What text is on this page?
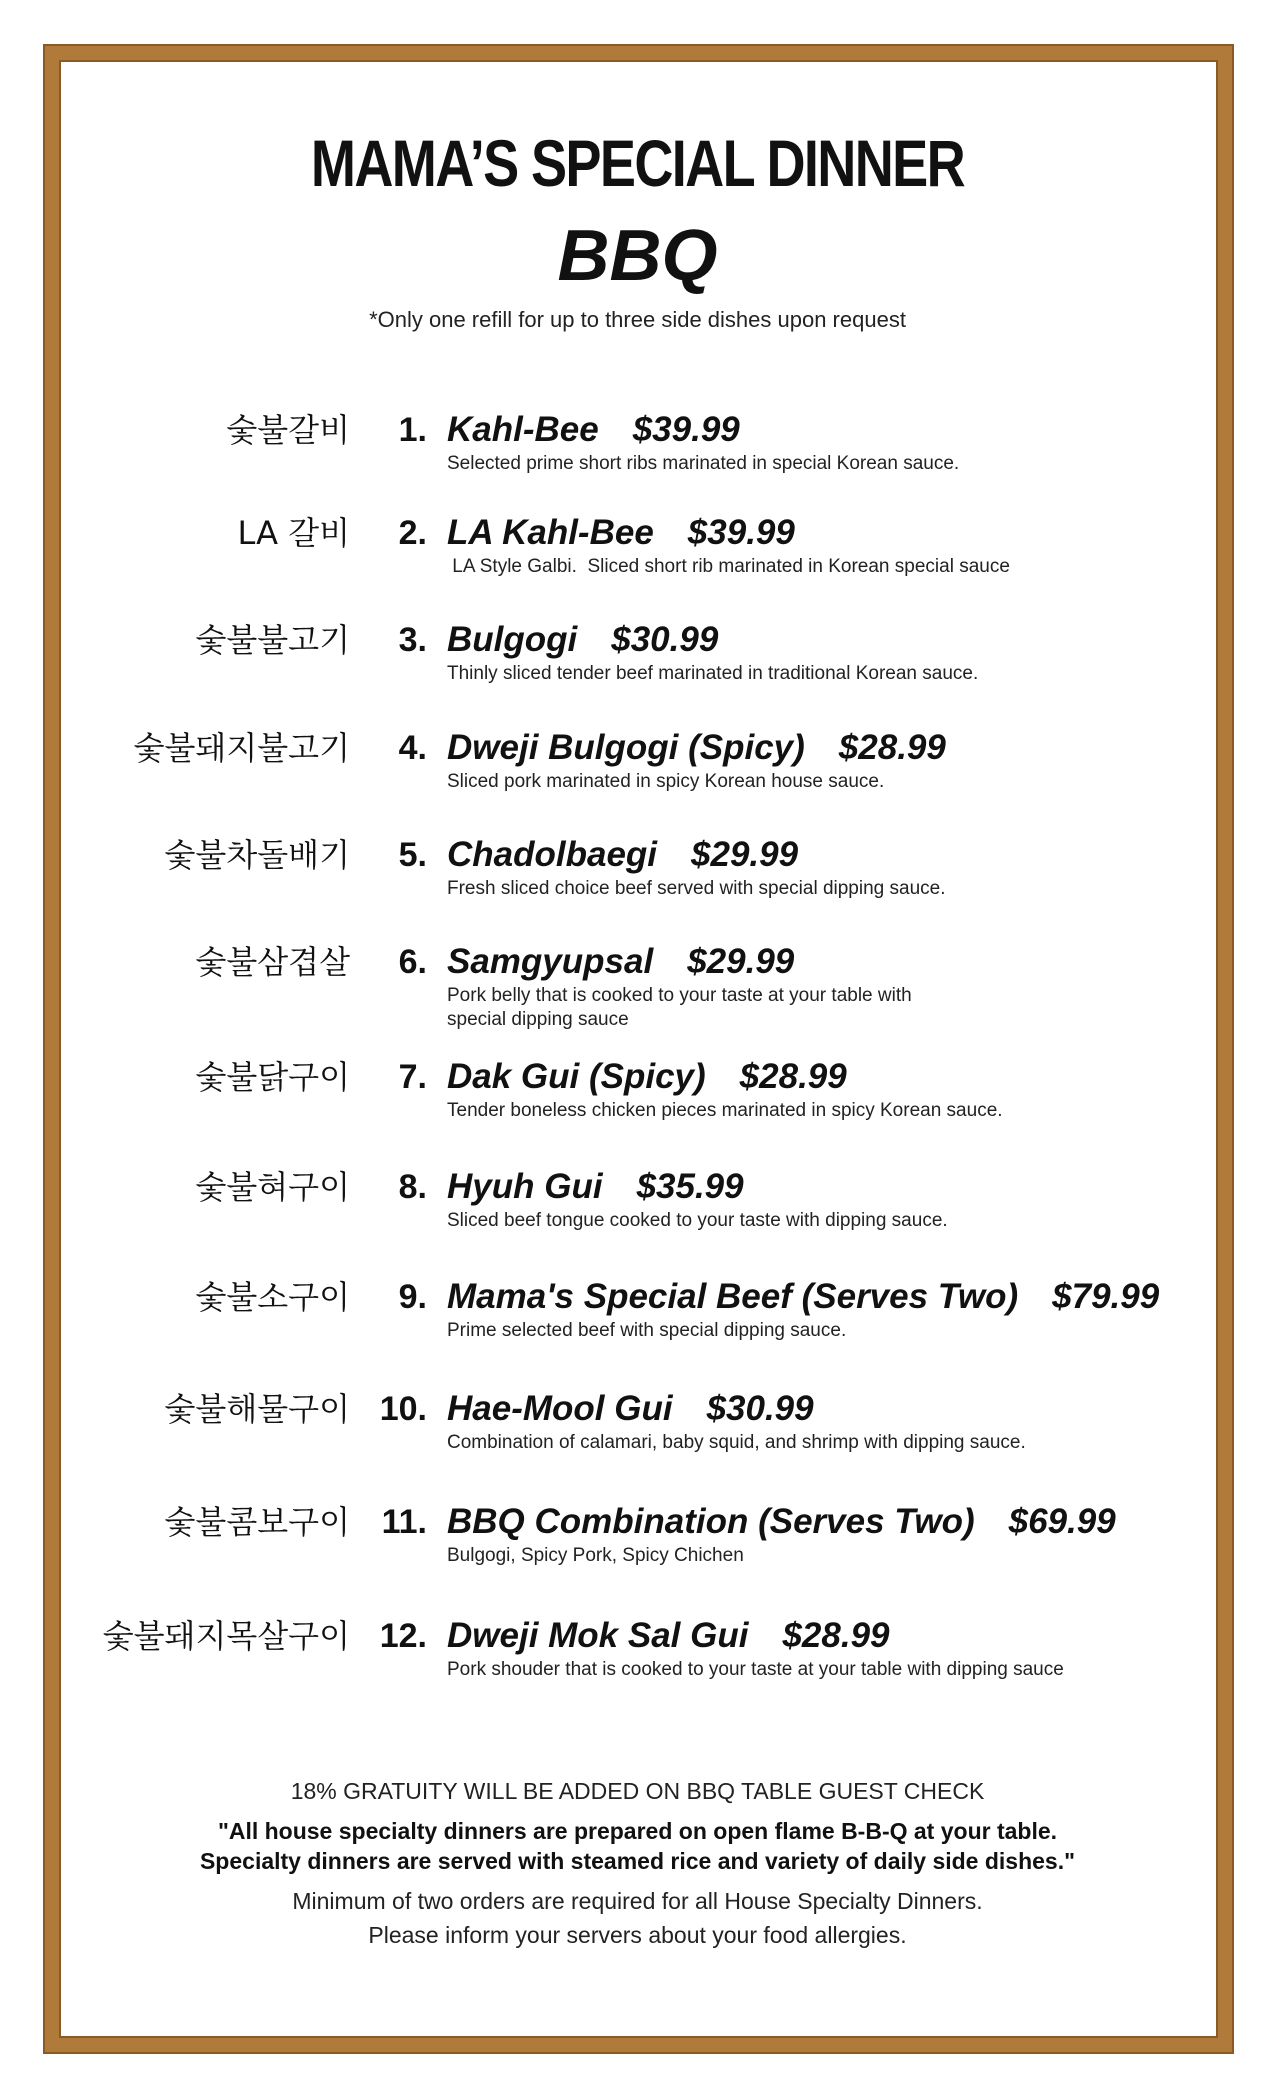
MAMA’S SPECIAL DINNER
BBQ
*Only one refill for up to three side dishes upon request
숯불갈비 1. Kahl-Bee $39.99
Selected prime short ribs marinated in special Korean sauce.
LA 갈비 2. LA Kahl-Bee $39.99
LA Style Galbi.  Sliced short rib marinated in Korean special sauce
숯불불고기 3. Bulgogi $30.99
Thinly sliced tender beef marinated in traditional Korean sauce.
숯불돼지불고기 4. Dweji Bulgogi (Spicy) $28.99
Sliced pork marinated in spicy Korean house sauce.
숯불차돌배기 5. Chadolbaegi $29.99
Fresh sliced choice beef served with special dipping sauce.
숯불삼겹살 6. Samgyupsal $29.99
Pork belly that is cooked to your taste at your table with special dipping sauce
숯불닭구이 7. Dak Gui (Spicy) $28.99
Tender boneless chicken pieces marinated in spicy Korean sauce.
숯불혀구이 8. Hyuh Gui $35.99
Sliced beef tongue cooked to your taste with dipping sauce.
숯불소구이 9. Mama's Special Beef (Serves Two) $79.99
Prime selected beef with special dipping sauce.
숯불해물구이 10. Hae-Mool Gui $30.99
Combination of calamari, baby squid, and shrimp with dipping sauce.
숯불콤보구이 11. BBQ Combination (Serves Two) $69.99
Bulgogi, Spicy Pork, Spicy Chichen
숯불돼지목살구이 12. Dweji Mok Sal Gui $28.99
Pork shouder that is cooked to your taste at your table with dipping sauce
18% GRATUITY WILL BE ADDED ON BBQ TABLE GUEST CHECK
"All house specialty dinners are prepared on open flame B-B-Q at your table.
Specialty dinners are served with steamed rice and variety of daily side dishes."
Minimum of two orders are required for all House Specialty Dinners.
Please inform your servers about your food allergies.
